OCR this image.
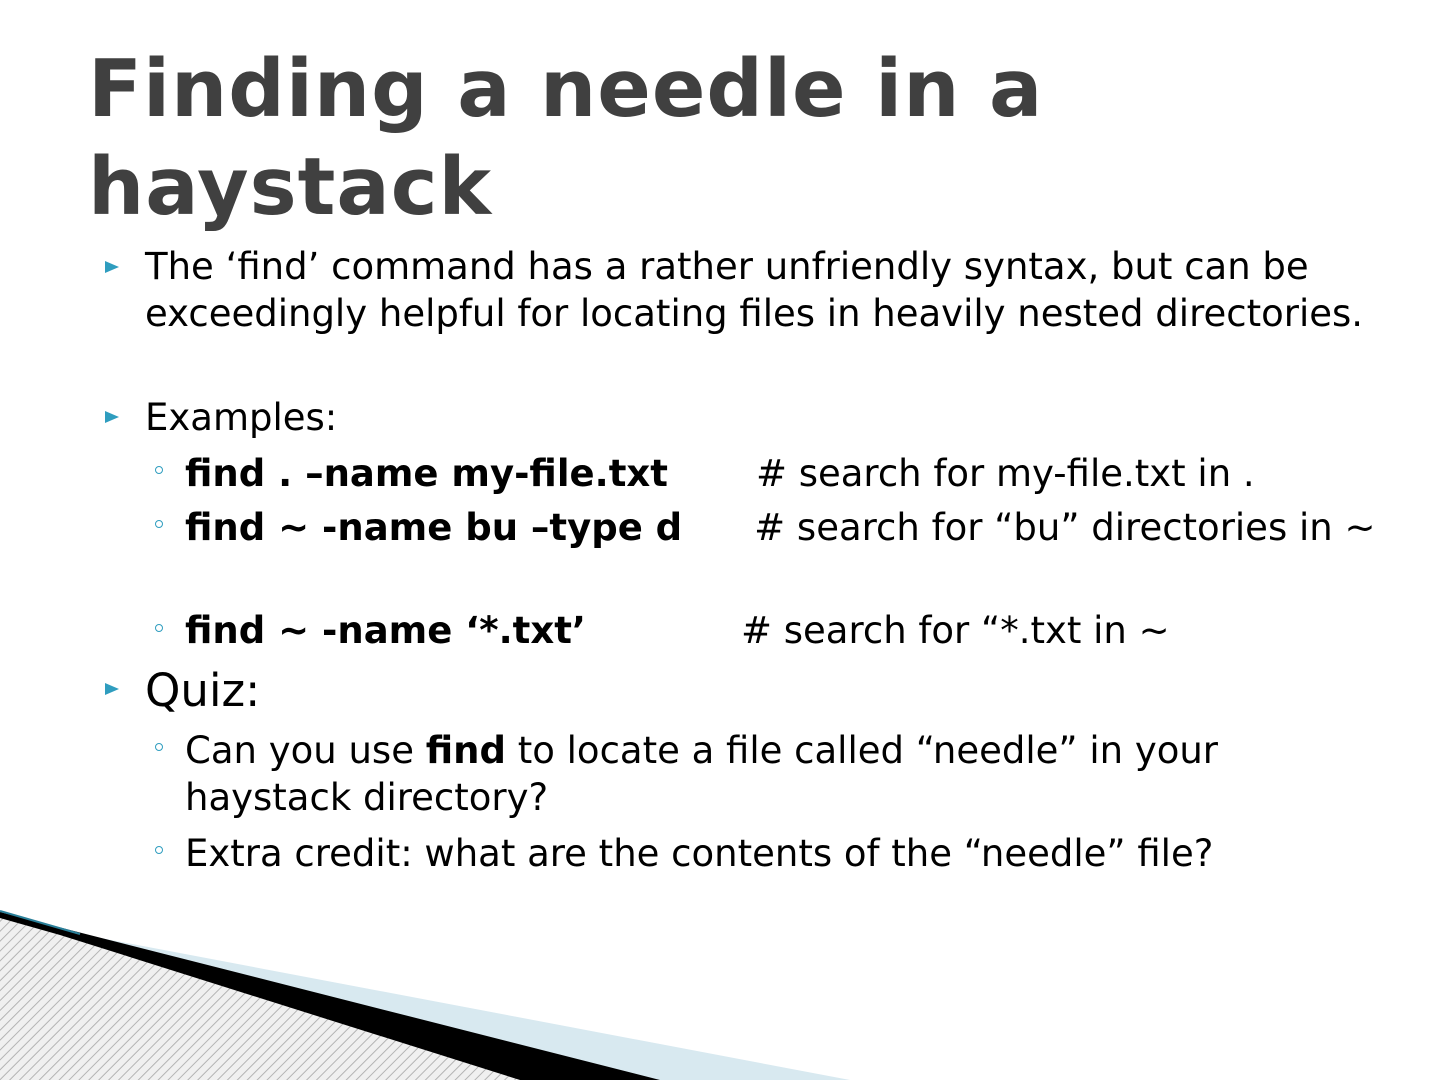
Finding a needle in a haystack
The ‘find’ command has a rather unfriendly syntax, but can be exceedingly helpful for locating files in heavily nested directories.
Examples:
find . –name my-file.txt # search for my-file.txt in .
find ~ -name bu –type d # search for “bu” directories in ~
find ~ -name ‘*.txt’	# search for “*.txt in ~
Quiz:
Can you use find to locate a file called “needle” in your haystack directory?
Extra credit: what are the contents of the “needle” file?
